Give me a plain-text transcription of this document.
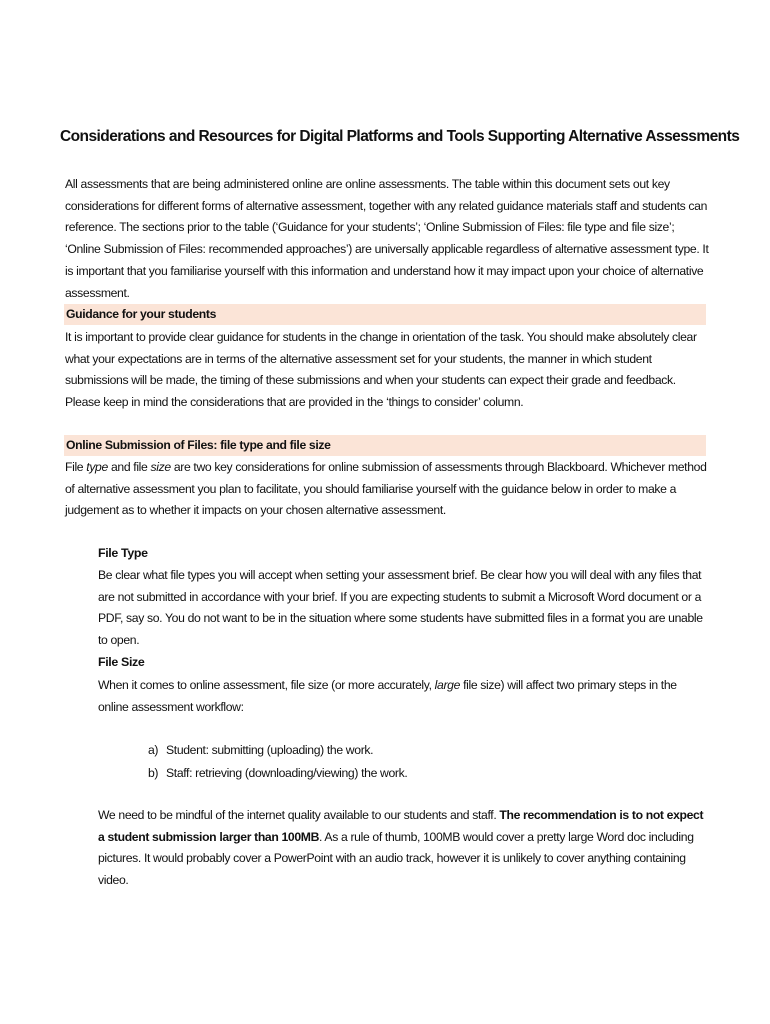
Considerations and Resources for Digital Platforms and Tools Supporting Alternative Assessments
All assessments that are being administered online are online assessments. The table within this document sets out key considerations for different forms of alternative assessment, together with any related guidance materials staff and students can reference. The sections prior to the table (‘Guidance for your students’; ‘Online Submission of Files: file type and file size’; ‘Online Submission of Files: recommended approaches’) are universally applicable regardless of alternative assessment type. It is important that you familiarise yourself with this information and understand how it may impact upon your choice of alternative assessment.
Guidance for your students
It is important to provide clear guidance for students in the change in orientation of the task. You should make absolutely clear what your expectations are in terms of the alternative assessment set for your students, the manner in which student submissions will be made, the timing of these submissions and when your students can expect their grade and feedback. Please keep in mind the considerations that are provided in the ‘things to consider’ column.
Online Submission of Files: file type and file size
File type and file size are two key considerations for online submission of assessments through Blackboard. Whichever method of alternative assessment you plan to facilitate, you should familiarise yourself with the guidance below in order to make a judgement as to whether it impacts on your chosen alternative assessment.
File Type
Be clear what file types you will accept when setting your assessment brief. Be clear how you will deal with any files that are not submitted in accordance with your brief. If you are expecting students to submit a Microsoft Word document or a PDF, say so. You do not want to be in the situation where some students have submitted files in a format you are unable to open.
File Size
When it comes to online assessment, file size (or more accurately, large file size) will affect two primary steps in the online assessment workflow:
a) Student: submitting (uploading) the work.
b) Staff: retrieving (downloading/viewing) the work.
We need to be mindful of the internet quality available to our students and staff. The recommendation is to not expect a student submission larger than 100MB. As a rule of thumb, 100MB would cover a pretty large Word doc including pictures. It would probably cover a PowerPoint with an audio track, however it is unlikely to cover anything containing video.
